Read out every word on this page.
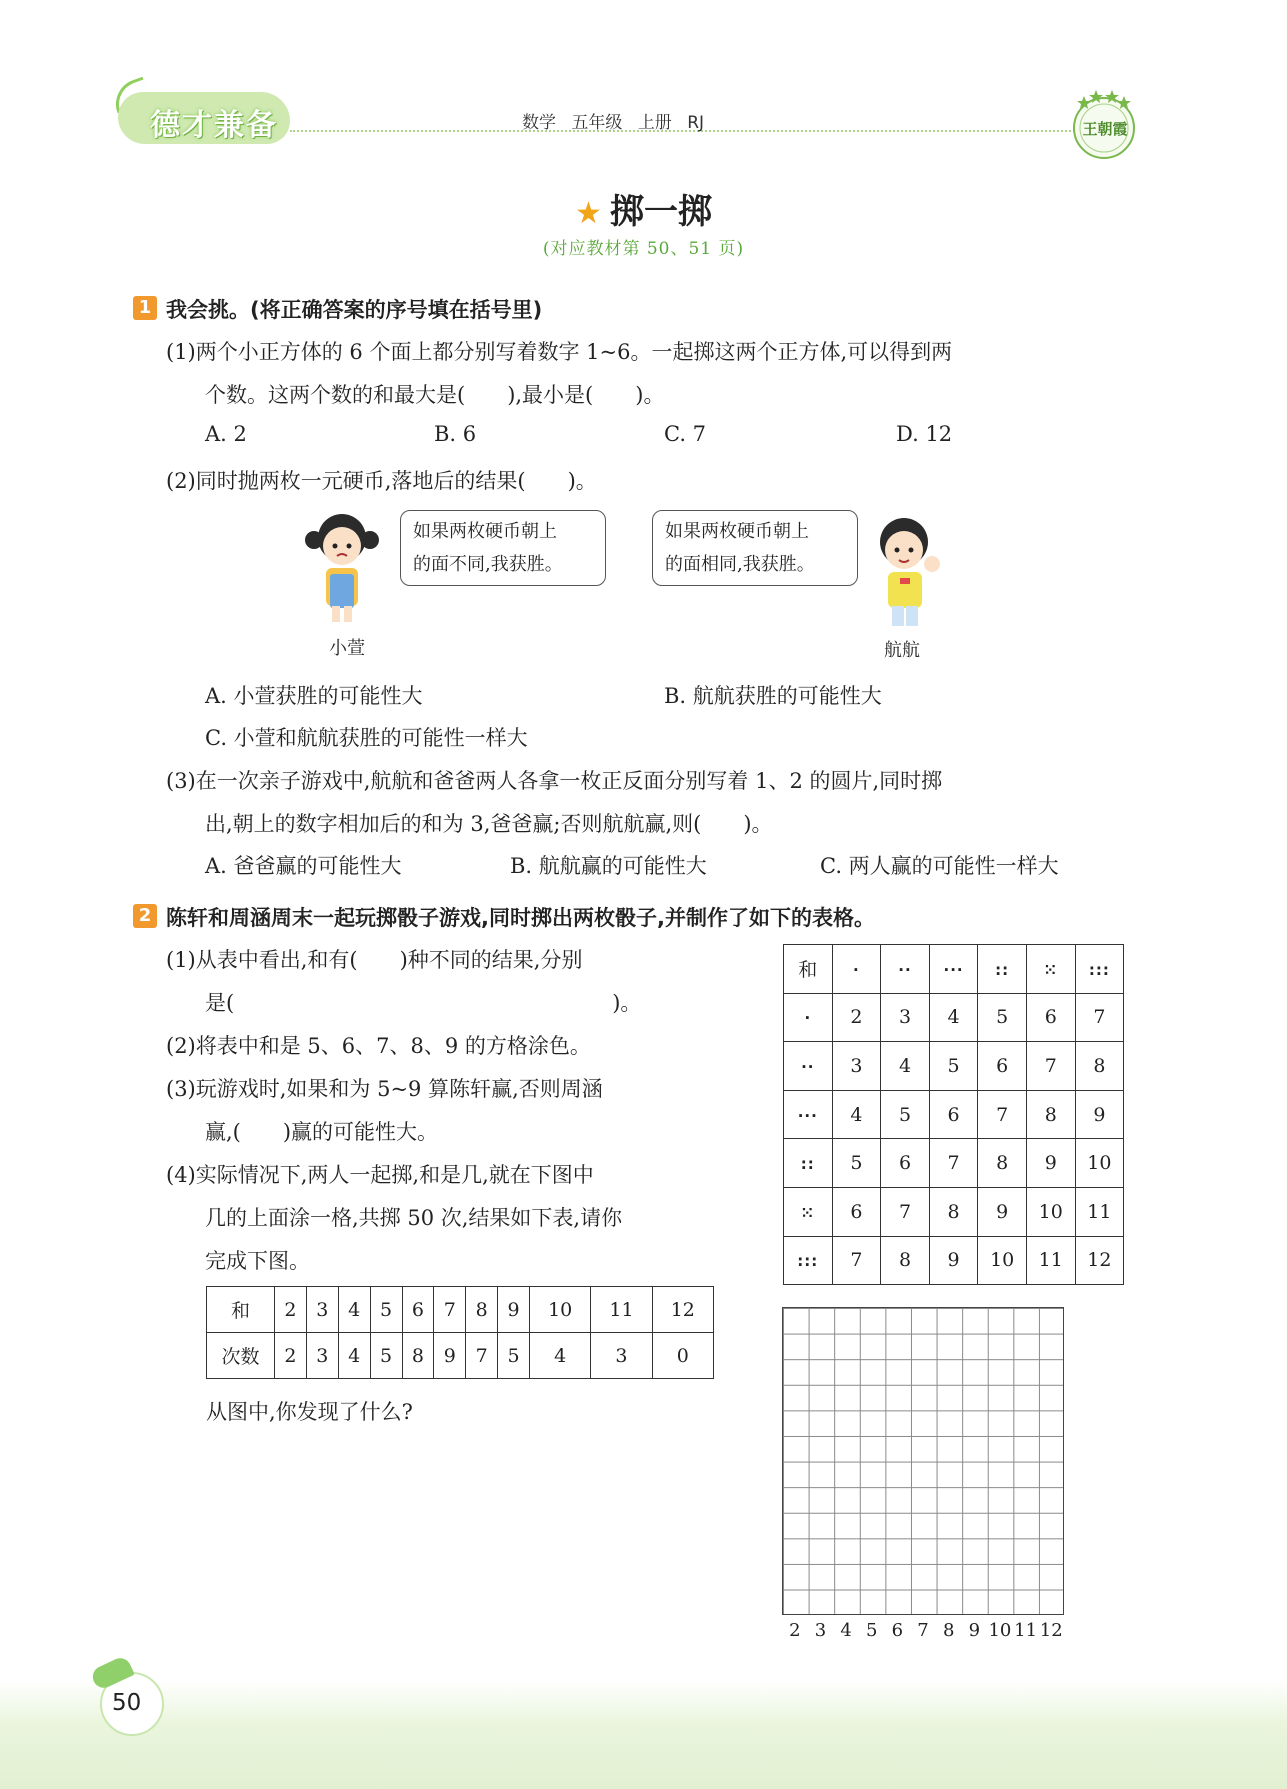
德才兼备	数学 五年级 上册 RJ	王朝霞
★ 掷一掷
(对应教材第 50、51 页)
1 我会挑。(将正确答案的序号填在括号里)
(1)两个小正方体的 6 个面上都分别写着数字 1~6。一起掷这两个正方体,可以得到两
个数。这两个数的和最大是(　　),最小是(　　)。
A. 2	B. 6	C. 7	D. 12
(2)同时抛两枚一元硬币,落地后的结果(　　)。
小萱
如果两枚硬币朝上
的面不同,我获胜。
如果两枚硬币朝上
的面相同,我获胜。
航航
A. 小萱获胜的可能性大	B. 航航获胜的可能性大
C. 小萱和航航获胜的可能性一样大
(3)在一次亲子游戏中,航航和爸爸两人各拿一枚正反面分别写着 1、2 的圆片,同时掷
出,朝上的数字相加后的和为 3,爸爸赢;否则航航赢,则(　　)。
A. 爸爸赢的可能性大	B. 航航赢的可能性大	C. 两人赢的可能性一样大
2 陈轩和周涵周末一起玩掷骰子游戏,同时掷出两枚骰子,并制作了如下的表格。
(1)从表中看出,和有(　　)种不同的结果,分别
是(　　　　　　　　　　　　　　　　　　)。
(2)将表中和是 5、6、7、8、9 的方格涂色。
(3)玩游戏时,如果和为 5~9 算陈轩赢,否则周涵
赢,(　　)赢的可能性大。
(4)实际情况下,两人一起掷,和是几,就在下图中
几的上面涂一格,共掷 50 次,结果如下表,请你
完成下图。
和	·	··	···	::	⁙	:::
·	2	3	4	5	6	7
··	3	4	5	6	7	8
···	4	5	6	7	8	9
::	5	6	7	8	9	10
⁙	6	7	8	9	10	11
:::	7	8	9	10	11	12
和	2	3	4	5	6	7	8	9	10	11	12
次数	2	3	4	5	8	9	7	5	4	3	0
从图中,你发现了什么?
2 3 4 5 6 7 8 9 10 11 12
50
